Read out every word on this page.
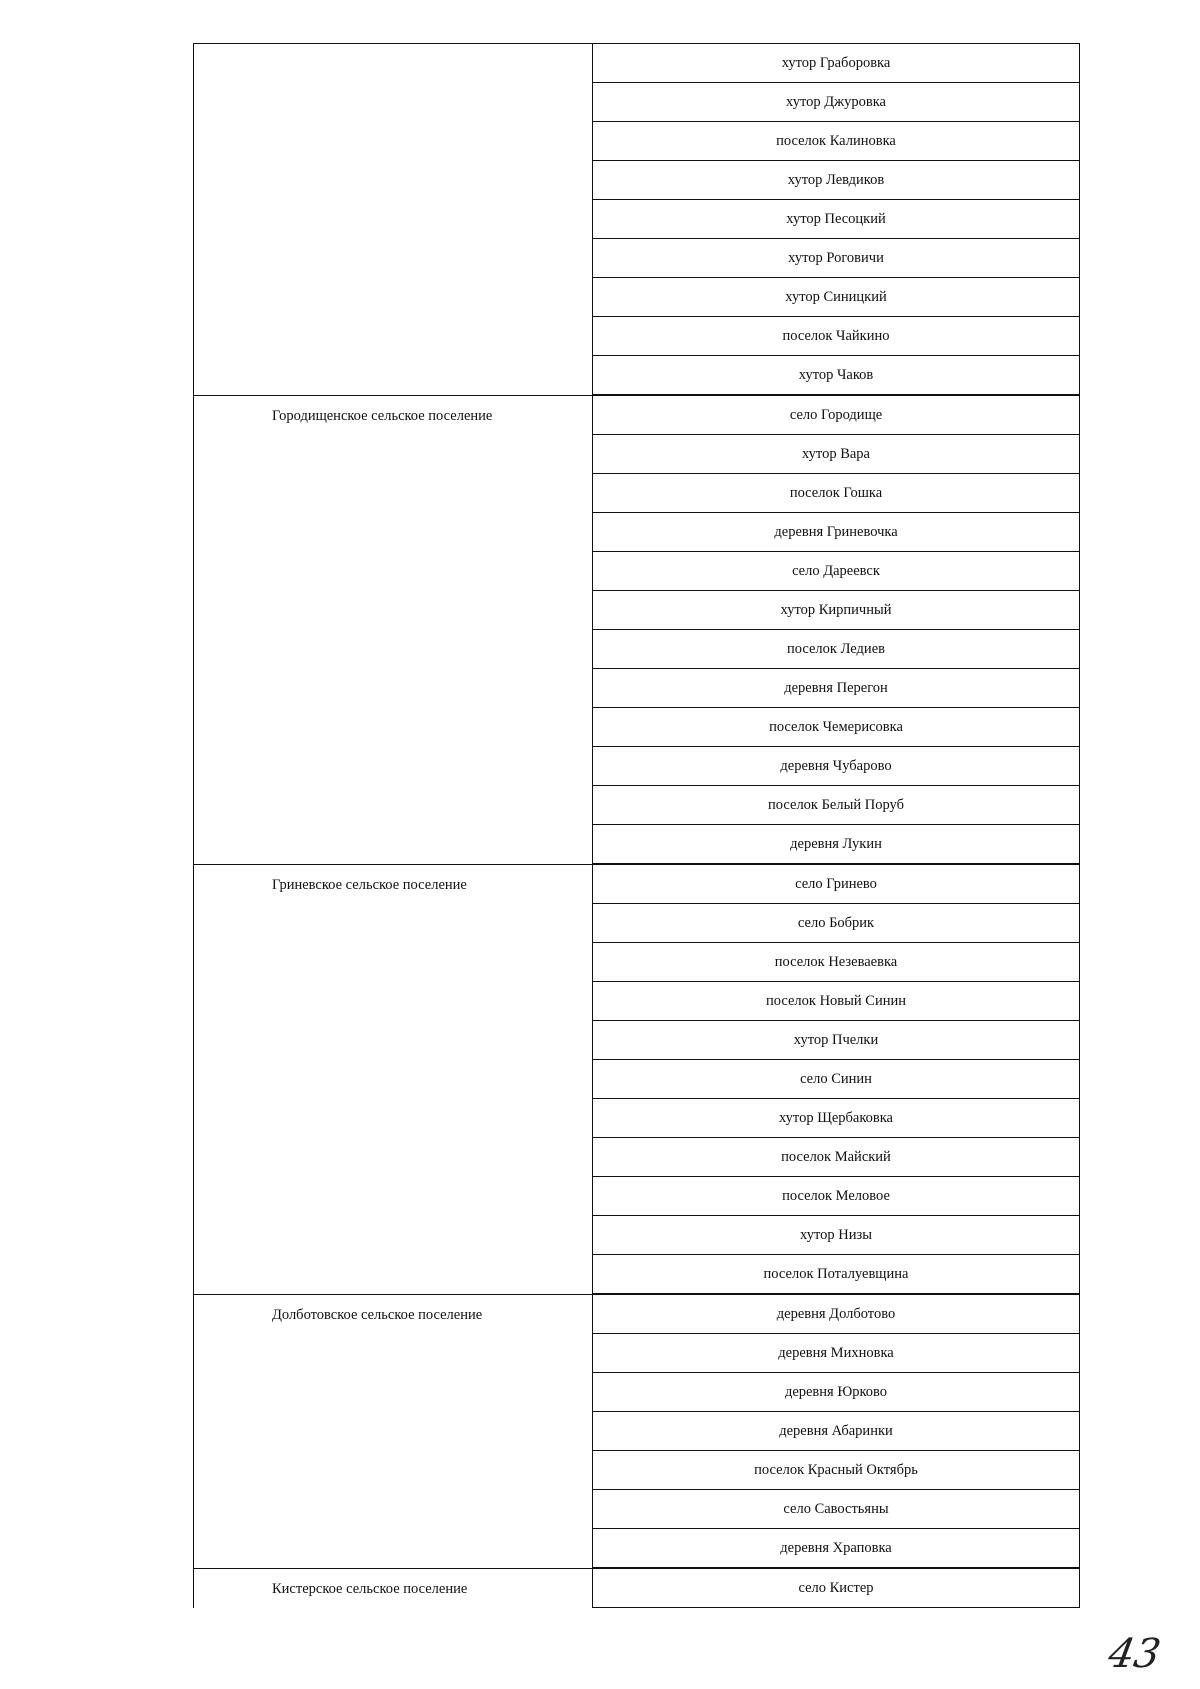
хутор Граборовка
хутор Джуровка
поселок Калиновка
хутор Левдиков
хутор Песоцкий
хутор Роговичи
хутор Синицкий
поселок Чайкино
хутор Чаков
Городищенское сельское поселение	село Городище
хутор Вара
поселок Гошка
деревня Гриневочка
село Дареевск
хутор Кирпичный
поселок Ледиев
деревня Перегон
поселок Чемерисовка
деревня Чубарово
поселок Белый Поруб
деревня Лукин
Гриневское сельское поселение	село Гринево
село Бобрик
поселок Незеваевка
поселок Новый Синин
хутор Пчелки
село Синин
хутор Щербаковка
поселок Майский
поселок Меловое
хутор Низы
поселок Поталуевщина
Долботовское сельское поселение	деревня Долботово
деревня Михновка
деревня Юрково
деревня Абаринки
поселок Красный Октябрь
село Савостьяны
деревня Храповка
Кистерское сельское поселение	село Кистер
43
